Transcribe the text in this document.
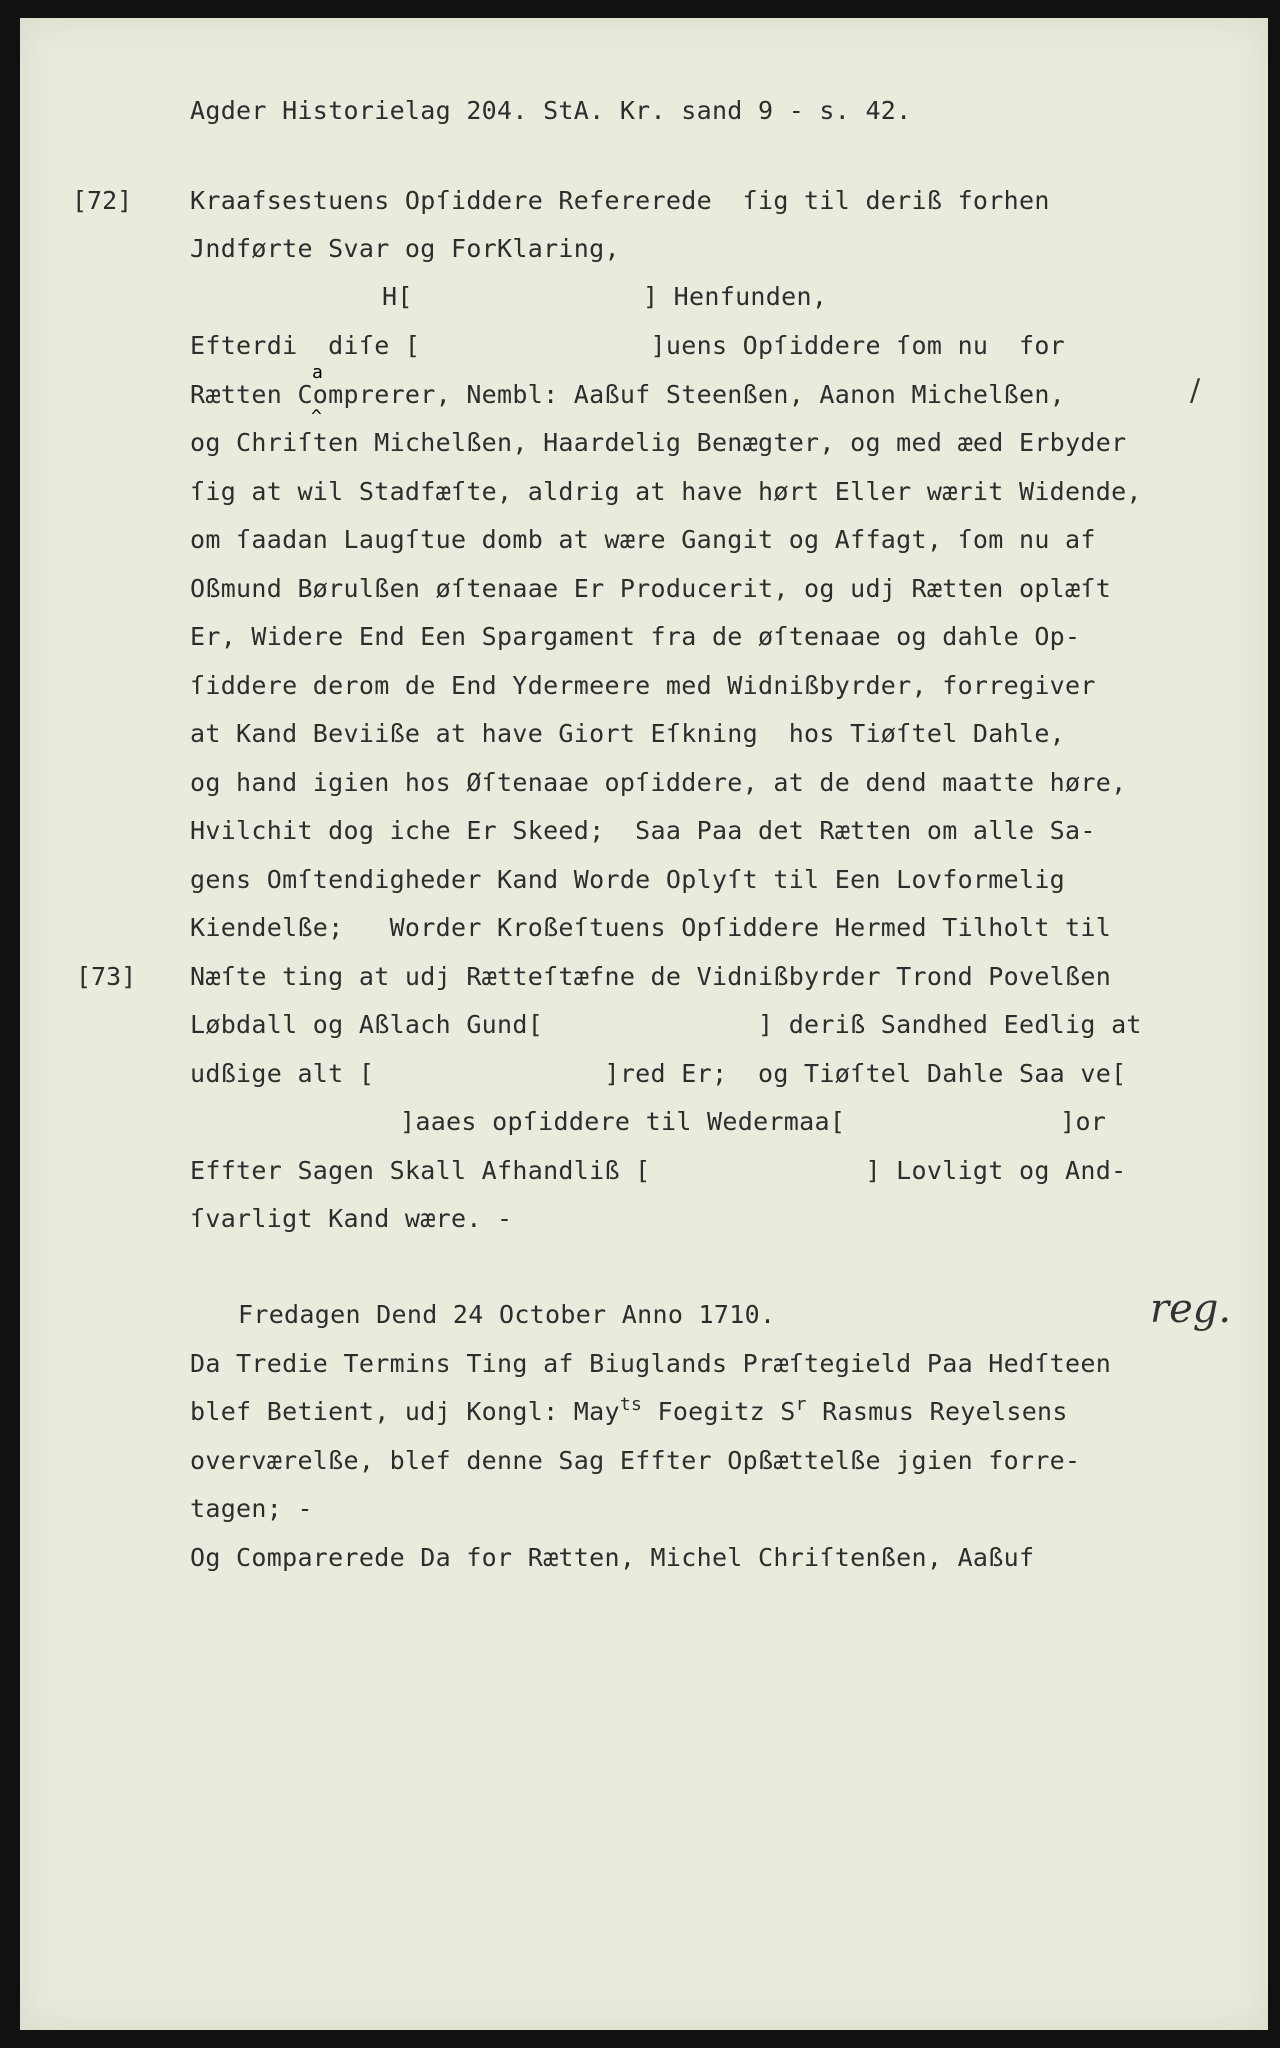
Agder Historielag 204. StA. Kr. sand 9 - s. 42.
[72] Kraafsestuens Opſiddere Refererede  ſig til deriß forhen
Jndførte Svar og ForKlaring,
H[               ] Henfunden,
Efterdi  diſe [               ]uens Opſiddere ſom nu  for
a
Rætten Comprerer, Nembl: Aaßuf Steenßen, Aanon Michelßen,
^
/
og Chriſten Michelßen, Haardelig Benægter, og med æed Erbyder
ſig at wil Stadfæſte, aldrig at have hørt Eller wærit Widende,
om ſaadan Laugſtue domb at wære Gangit og Affagt, ſom nu af
Oßmund Børulßen øſtenaae Er Producerit, og udj Rætten oplæſt
Er, Widere End Een Spargament fra de øſtenaae og dahle Op-
ſiddere derom de End Ydermeere med Widnißbyrder, forregiver
at Kand Beviiße at have Giort Eſkning  hos Tiøſtel Dahle,
og hand igien hos Øſtenaae opſiddere, at de dend maatte høre,
Hvilchit dog iche Er Skeed;  Saa Paa det Rætten om alle Sa-
gens Omſtendigheder Kand Worde Oplyſt til Een Lovformelig
Kiendelße;   Worder Kroßeſtuens Opſiddere Hermed Tilholt til
[73] Næſte ting at udj Rætteſtæfne de Vidnißbyrder Trond Povelßen
Løbdall og Aßlach Gund[              ] deriß Sandhed Eedlig at
udßige alt [               ]red Er;  og Tiøſtel Dahle Saa ve[
]aaes opſiddere til Wedermaa[              ]or
Effter Sagen Skall Afhandliß [              ] Lovligt og And-
ſvarligt Kand wære. -
Fredagen Dend 24 October Anno 1710.	reg.
Da Tredie Termins Ting af Biuglands Præſtegield Paa Hedſteen
blef Betient, udj Kongl: May$^{ts}$ Foegitz $S^r$ Rasmus Reyelsens
overværelße, blef denne Sag Effter Opßættelße jgien forre-
tagen; -
Og Comparerede Da for Rætten, Michel Chriſtenßen, Aaßuf
